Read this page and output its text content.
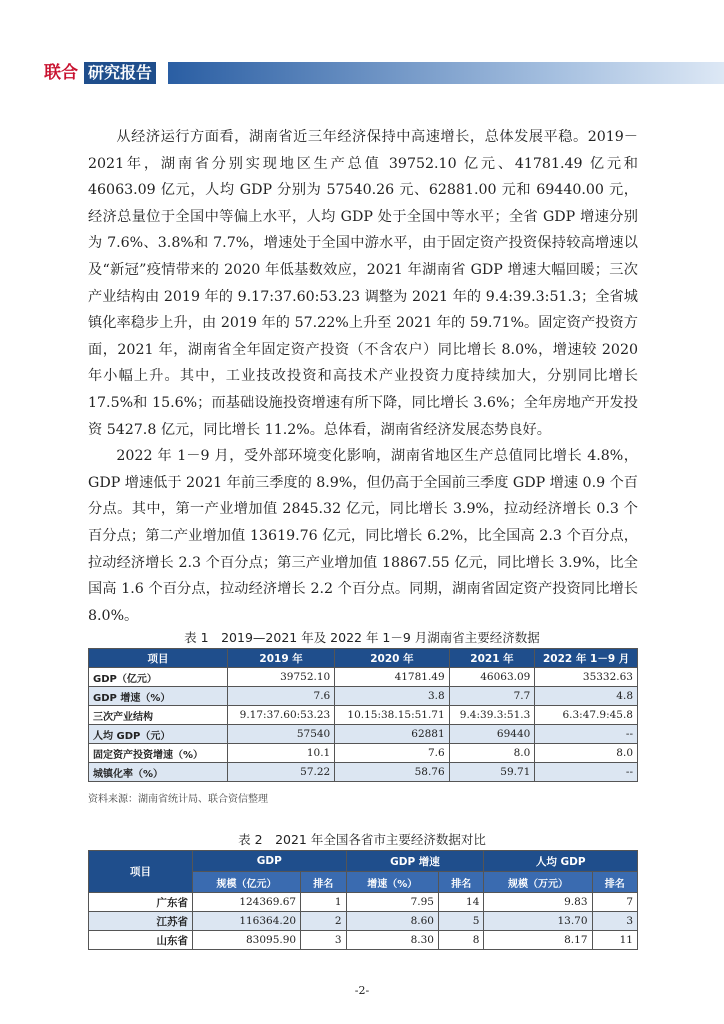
联合 研究报告

从经济运行方面看，湖南省近三年经济保持中高速增长，总体发展平稳。2019－2021年，湖南省分别实现地区生产总值 39752.10 亿元、41781.49 亿元和 46063.09 亿元，人均 GDP 分别为 57540.26 元、62881.00 元和 69440.00 元，经济总量位于全国中等偏上水平，人均 GDP 处于全国中等水平；全省 GDP 增速分别为 7.6%、3.8%和 7.7%，增速处于全国中游水平，由于固定资产投资保持较高增速以及“新冠”疫情带来的 2020 年低基数效应，2021 年湖南省 GDP 增速大幅回暖；三次产业结构由 2019 年的 9.17:37.60:53.23 调整为 2021 年的 9.4:39.3:51.3；全省城镇化率稳步上升，由 2019 年的 57.22%上升至 2021 年的 59.71%。固定资产投资方面，2021 年，湖南省全年固定资产投资（不含农户）同比增长 8.0%，增速较 2020 年小幅上升。其中，工业技改投资和高技术产业投资力度持续加大，分别同比增长 17.5%和 15.6%；而基础设施投资增速有所下降，同比增长 3.6%；全年房地产开发投资 5427.8 亿元，同比增长 11.2%。总体看，湖南省经济发展态势良好。

2022 年 1－9 月，受外部环境变化影响，湖南省地区生产总值同比增长 4.8%，GDP 增速低于 2021 年前三季度的 8.9%，但仍高于全国前三季度 GDP 增速 0.9 个百分点。其中，第一产业增加值 2845.32 亿元，同比增长 3.9%，拉动经济增长 0.3 个百分点；第二产业增加值 13619.76 亿元，同比增长 6.2%，比全国高 2.3 个百分点，拉动经济增长 2.3 个百分点；第三产业增加值 18867.55 亿元，同比增长 3.9%，比全国高 1.6 个百分点，拉动经济增长 2.2 个百分点。同期，湖南省固定资产投资同比增长 8.0%。

表 1　2019—2021 年及 2022 年 1－9 月湖南省主要经济数据
项目	2019 年	2020 年	2021 年	2022 年 1－9 月
GDP（亿元）	39752.10	41781.49	46063.09	35332.63
GDP 增速（%）	7.6	3.8	7.7	4.8
三次产业结构	9.17:37.60:53.23	10.15:38.15:51.71	9.4:39.3:51.3	6.3:47.9:45.8
人均 GDP（元）	57540	62881	69440	--
固定资产投资增速（%）	10.1	7.6	8.0	8.0
城镇化率（%）	57.22	58.76	59.71	--
资料来源：湖南省统计局、联合资信整理
表 2　2021 年全国各省市主要经济数据对比
项目	GDP		GDP 增速		人均 GDP	
	规模（亿元）	排名	增速（%）	排名	规模（万元）	排名
广东省	124369.67	1	7.95	14	9.83	7
江苏省	116364.20	2	8.60	5	13.70	3
山东省	83095.90	3	8.30	8	8.17	11
-2-
